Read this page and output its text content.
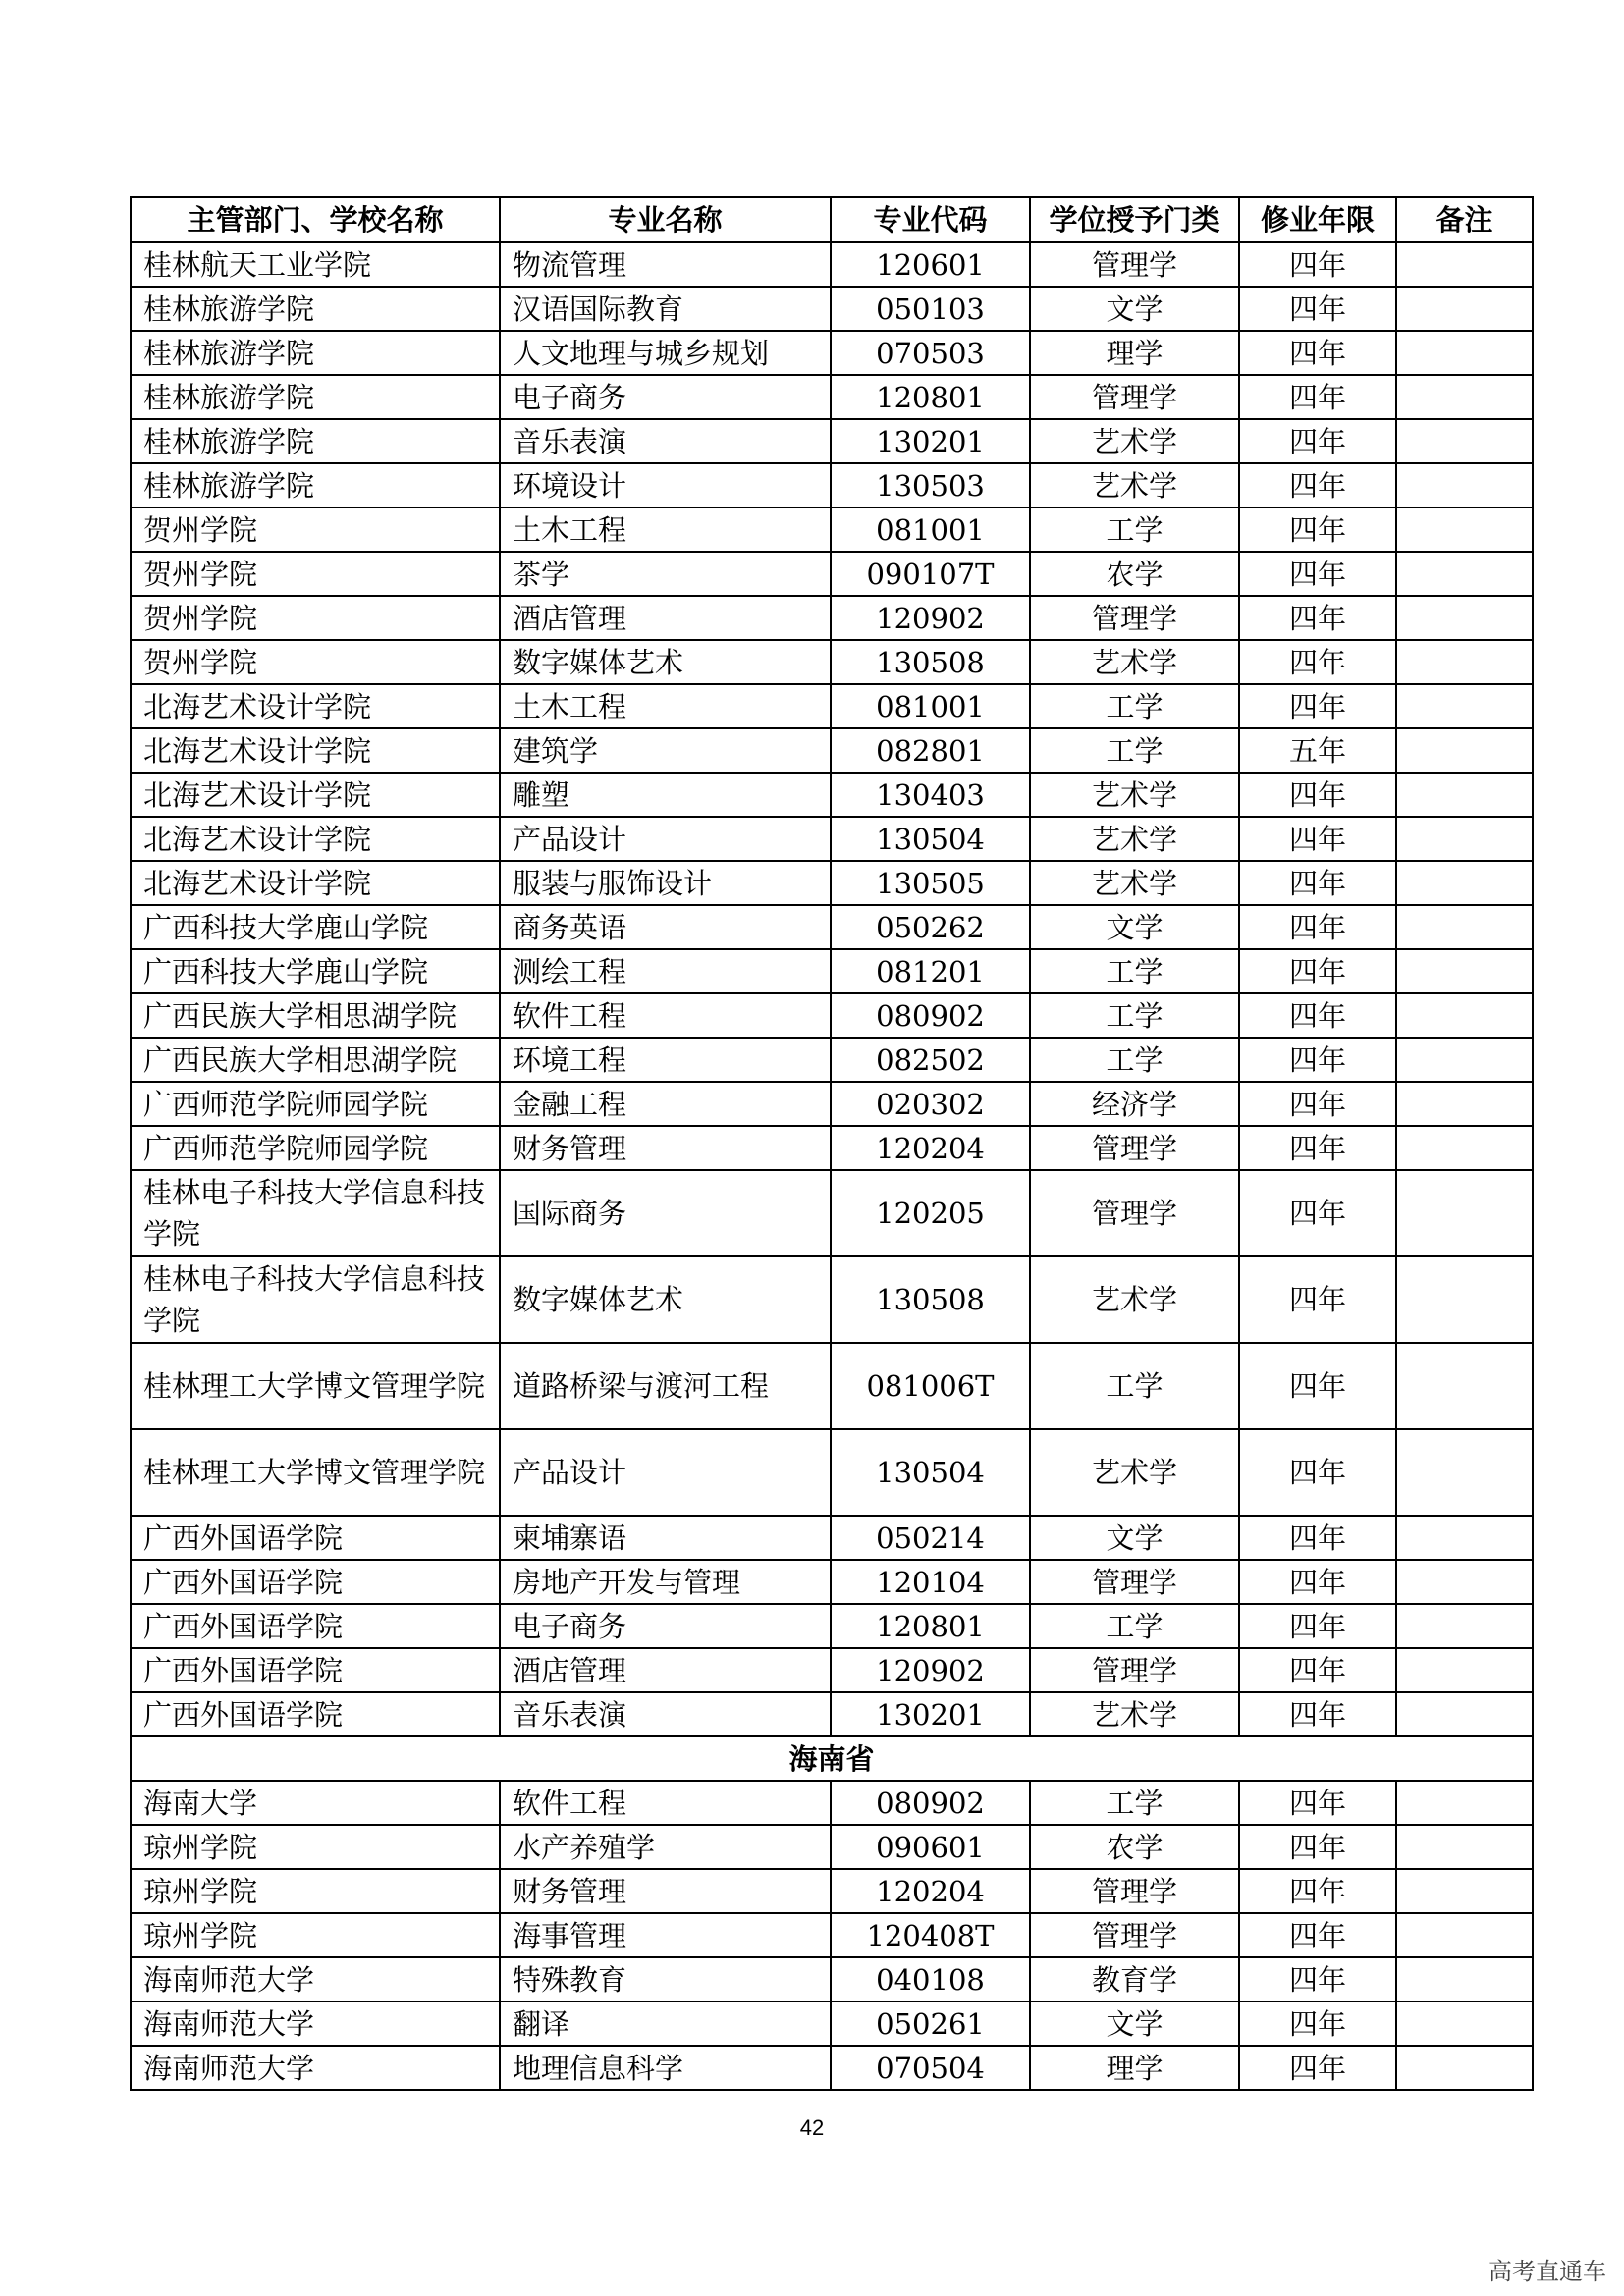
主管部门、学校名称	专业名称	专业代码	学位授予门类	修业年限	备注
桂林航天工业学院	物流管理	120601	管理学	四年	
桂林旅游学院	汉语国际教育	050103	文学	四年	
桂林旅游学院	人文地理与城乡规划	070503	理学	四年	
桂林旅游学院	电子商务	120801	管理学	四年	
桂林旅游学院	音乐表演	130201	艺术学	四年	
桂林旅游学院	环境设计	130503	艺术学	四年	
贺州学院	土木工程	081001	工学	四年	
贺州学院	茶学	090107T	农学	四年	
贺州学院	酒店管理	120902	管理学	四年	
贺州学院	数字媒体艺术	130508	艺术学	四年	
北海艺术设计学院	土木工程	081001	工学	四年	
北海艺术设计学院	建筑学	082801	工学	五年	
北海艺术设计学院	雕塑	130403	艺术学	四年	
北海艺术设计学院	产品设计	130504	艺术学	四年	
北海艺术设计学院	服装与服饰设计	130505	艺术学	四年	
广西科技大学鹿山学院	商务英语	050262	文学	四年	
广西科技大学鹿山学院	测绘工程	081201	工学	四年	
广西民族大学相思湖学院	软件工程	080902	工学	四年	
广西民族大学相思湖学院	环境工程	082502	工学	四年	
广西师范学院师园学院	金融工程	020302	经济学	四年	
广西师范学院师园学院	财务管理	120204	管理学	四年	
桂林电子科技大学信息科技学院	国际商务	120205	管理学	四年	
桂林电子科技大学信息科技学院	数字媒体艺术	130508	艺术学	四年	
桂林理工大学博文管理学院	道路桥梁与渡河工程	081006T	工学	四年	
桂林理工大学博文管理学院	产品设计	130504	艺术学	四年	
广西外国语学院	柬埔寨语	050214	文学	四年	
广西外国语学院	房地产开发与管理	120104	管理学	四年	
广西外国语学院	电子商务	120801	工学	四年	
广西外国语学院	酒店管理	120902	管理学	四年	
广西外国语学院	音乐表演	130201	艺术学	四年	
海南省					
海南大学	软件工程	080902	工学	四年	
琼州学院	水产养殖学	090601	农学	四年	
琼州学院	财务管理	120204	管理学	四年	
琼州学院	海事管理	120408T	管理学	四年	
海南师范大学	特殊教育	040108	教育学	四年	
海南师范大学	翻译	050261	文学	四年	
海南师范大学	地理信息科学	070504	理学	四年	
42
高考直通车
